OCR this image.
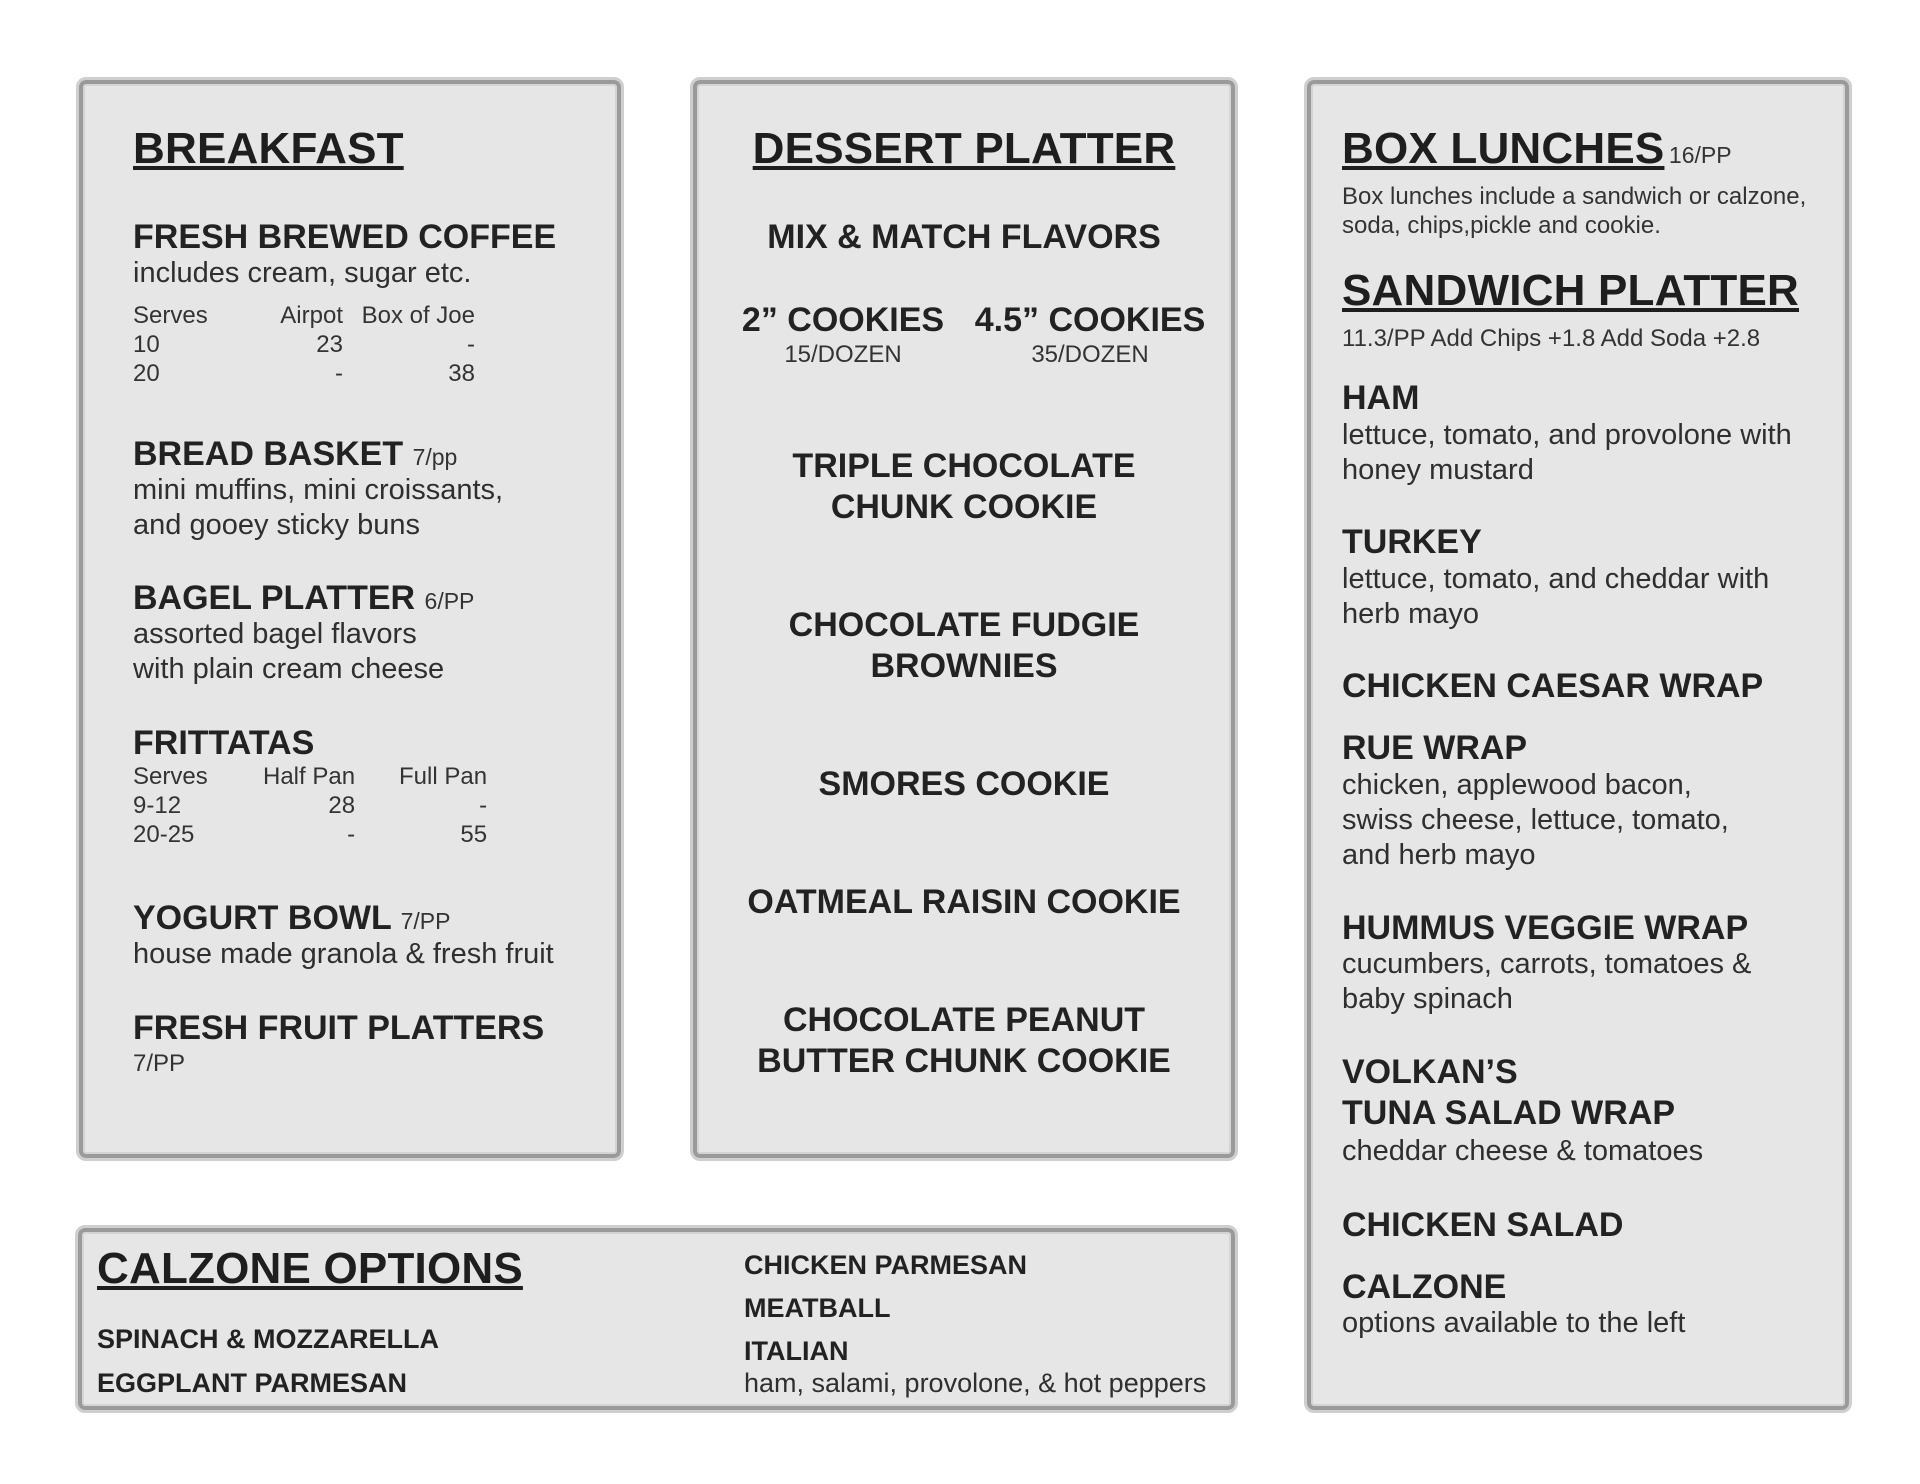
BREAKFAST
FRESH BREWED COFFEE
includes cream, sugar etc.
Serves	Airpot	Box of Joe
10	23	-
20	-	38
BREAD BASKET 7/pp
mini muffins, mini croissants,
and gooey sticky buns
BAGEL PLATTER 6/PP
assorted bagel flavors
with plain cream cheese
FRITTATAS
Serves	Half Pan	Full Pan
9-12	28	-
20-25	-	55
YOGURT BOWL 7/PP
house made granola & fresh fruit
FRESH FRUIT PLATTERS
7/PP
DESSERT PLATTER
MIX & MATCH FLAVORS
2” COOKIES
15/DOZEN
4.5” COOKIES
35/DOZEN
TRIPLE CHOCOLATE
CHUNK COOKIE
CHOCOLATE FUDGIE
BROWNIES
SMORES COOKIE
OATMEAL RAISIN COOKIE
CHOCOLATE PEANUT
BUTTER CHUNK COOKIE
BOX LUNCHES 16/PP
Box lunches include a sandwich or calzone,
soda, chips,pickle and cookie.
SANDWICH PLATTER
11.3/PP Add Chips +1.8 Add Soda +2.8
HAM
lettuce, tomato, and provolone with
honey mustard
TURKEY
lettuce, tomato, and cheddar with
herb mayo
CHICKEN CAESAR WRAP
RUE WRAP
chicken, applewood bacon,
swiss cheese, lettuce, tomato,
and herb mayo
HUMMUS VEGGIE WRAP
cucumbers, carrots, tomatoes &
baby spinach
VOLKAN’S
TUNA SALAD WRAP
cheddar cheese & tomatoes
CHICKEN SALAD
CALZONE
options available to the left
CALZONE OPTIONS
SPINACH & MOZZARELLA
EGGPLANT PARMESAN
CHICKEN PARMESAN
MEATBALL
ITALIAN
ham, salami, provolone, & hot peppers
